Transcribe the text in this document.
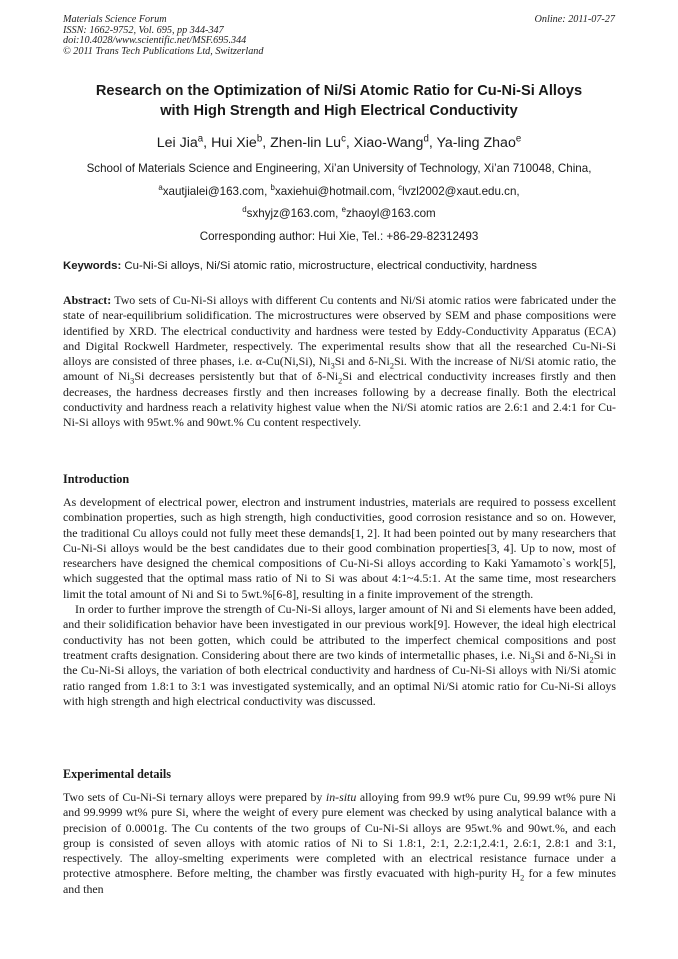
Materials Science Forum
ISSN: 1662-9752, Vol. 695, pp 344-347
doi:10.4028/www.scientific.net/MSF.695.344
© 2011 Trans Tech Publications Ltd, Switzerland
Online: 2011-07-27
Research on the Optimization of Ni/Si Atomic Ratio for Cu-Ni-Si Alloys
with High Strength and High Electrical Conductivity
Lei Jia$^a$, Hui Xie$^b$, Zhen-lin Lu$^c$, Xiao-Wang$^d$, Ya-ling Zhao$^e$
School of Materials Science and Engineering, Xi’an University of Technology, Xi’an 710048, China,
$^a$xautjialei@163.com, $^b$xaxiehui@hotmail.com, $^c$lvzl2002@xaut.edu.cn,
$^d$sxhyjz@163.com, $^e$zhaoyl@163.com
Corresponding author: Hui Xie, Tel.: +86-29-82312493
Keywords: Cu-Ni-Si alloys, Ni/Si atomic ratio, microstructure, electrical conductivity, hardness

Abstract: Two sets of Cu-Ni-Si alloys with different Cu contents and Ni/Si atomic ratios were fabricated under the state of near-equilibrium solidification. The microstructures were observed by SEM and phase compositions were identified by XRD. The electrical conductivity and hardness were tested by Eddy-Conductivity Apparatus (ECA) and Digital Rockwell Hardmeter, respectively. The experimental results show that all the researched Cu-Ni-Si alloys are consisted of three phases, i.e. α-Cu(Ni,Si), $Ni_3Si$ and $\delta-Ni_2Si$. With the increase of Ni/Si atomic ratio, the amount of $Ni_3Si$ decreases persistently but that of $\delta-Ni_2Si$ and electrical conductivity increases firstly and then decreases, the hardness decreases firstly and then increases following by a decrease finally. Both the electrical conductivity and hardness reach a relativity highest value when the Ni/Si atomic ratios are 2.6:1 and 2.4:1 for Cu-Ni-Si alloys with 95wt.% and 90wt.% Cu content respectively.

Introduction

As development of electrical power, electron and instrument industries, materials are required to possess excellent combination properties, such as high strength, high conductivities, good corrosion resistance and so on. However, the traditional Cu alloys could not fully meet these demands[1, 2]. It had been pointed out by many researchers that Cu-Ni-Si alloys would be the best candidates due to their good combination properties[3, 4]. Up to now, most of researchers have designed the chemical compositions of Cu-Ni-Si alloys according to Kaki Yamamoto`s work[5], which suggested that the optimal mass ratio of Ni to Si was about 4:1~4.5:1. At the same time, most researchers limit the total amount of Ni and Si to 5wt.%[6-8], resulting in a finite improvement of the strength.

In order to further improve the strength of Cu-Ni-Si alloys, larger amount of Ni and Si elements have been added, and their solidification behavior have been investigated in our previous work[9]. However, the ideal high electrical conductivity has not been gotten, which could be attributed to the imperfect chemical compositions and post treatment crafts designation. Considering about there are two kinds of intermetallic phases, i.e. $Ni_3Si$ and $\delta-Ni_2Si$ in the Cu-Ni-Si alloys, the variation of both electrical conductivity and hardness of Cu-Ni-Si alloys with Ni/Si atomic ratio ranged from 1.8:1 to 3:1 was investigated systemically, and an optimal Ni/Si atomic ratio for Cu-Ni-Si alloys with high strength and high electrical conductivity was discussed.

Experimental details

Two sets of Cu-Ni-Si ternary alloys were prepared by in-situ alloying from 99.9 wt% pure Cu, 99.99 wt% pure Ni and 99.9999 wt% pure Si, where the weight of every pure element was checked by using analytical balance with a precision of 0.0001g. The Cu contents of the two groups of Cu-Ni-Si alloys are 95wt.% and 90wt.%, and each group is consisted of seven alloys with atomic ratios of Ni to Si 1.8:1, 2:1, 2.2:1,2.4:1, 2.6:1, 2.8:1 and 3:1, respectively. The alloy-smelting experiments were completed with an electrical resistance furnace under a protective atmosphere. Before melting, the chamber was firstly evacuated with high-purity $H_2$ for a few minutes and then
